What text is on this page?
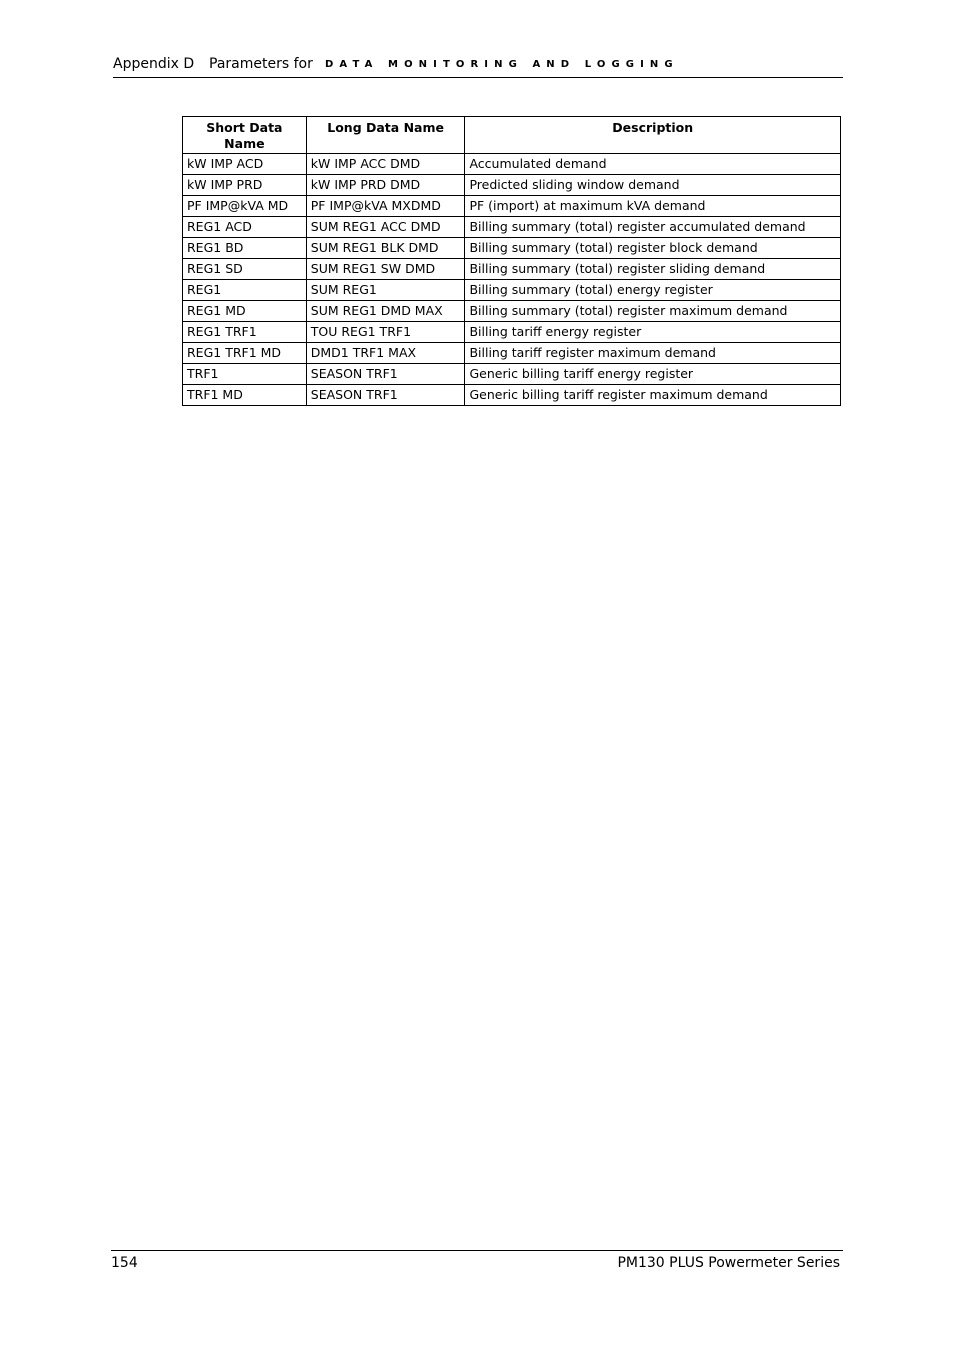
Appendix D Parameters for DATA MONITORING AND LOGGING
Short Data
Name	Long Data Name	Description
kW IMP ACD	kW IMP ACC DMD	Accumulated demand
kW IMP PRD	kW IMP PRD DMD	Predicted sliding window demand
PF IMP@kVA MD	PF IMP@kVA MXDMD	PF (import) at maximum kVA demand
REG1 ACD	SUM REG1 ACC DMD	Billing summary (total) register accumulated demand
REG1 BD	SUM REG1 BLK DMD	Billing summary (total) register block demand
REG1 SD	SUM REG1 SW DMD	Billing summary (total) register sliding demand
REG1	SUM REG1	Billing summary (total) energy register
REG1 MD	SUM REG1 DMD MAX	Billing summary (total) register maximum demand
REG1 TRF1	TOU REG1 TRF1	Billing tariff energy register
REG1 TRF1 MD	DMD1 TRF1 MAX	Billing tariff register maximum demand
TRF1	SEASON TRF1	Generic billing tariff energy register
TRF1 MD	SEASON TRF1	Generic billing tariff register maximum demand
154	PM130 PLUS Powermeter Series
